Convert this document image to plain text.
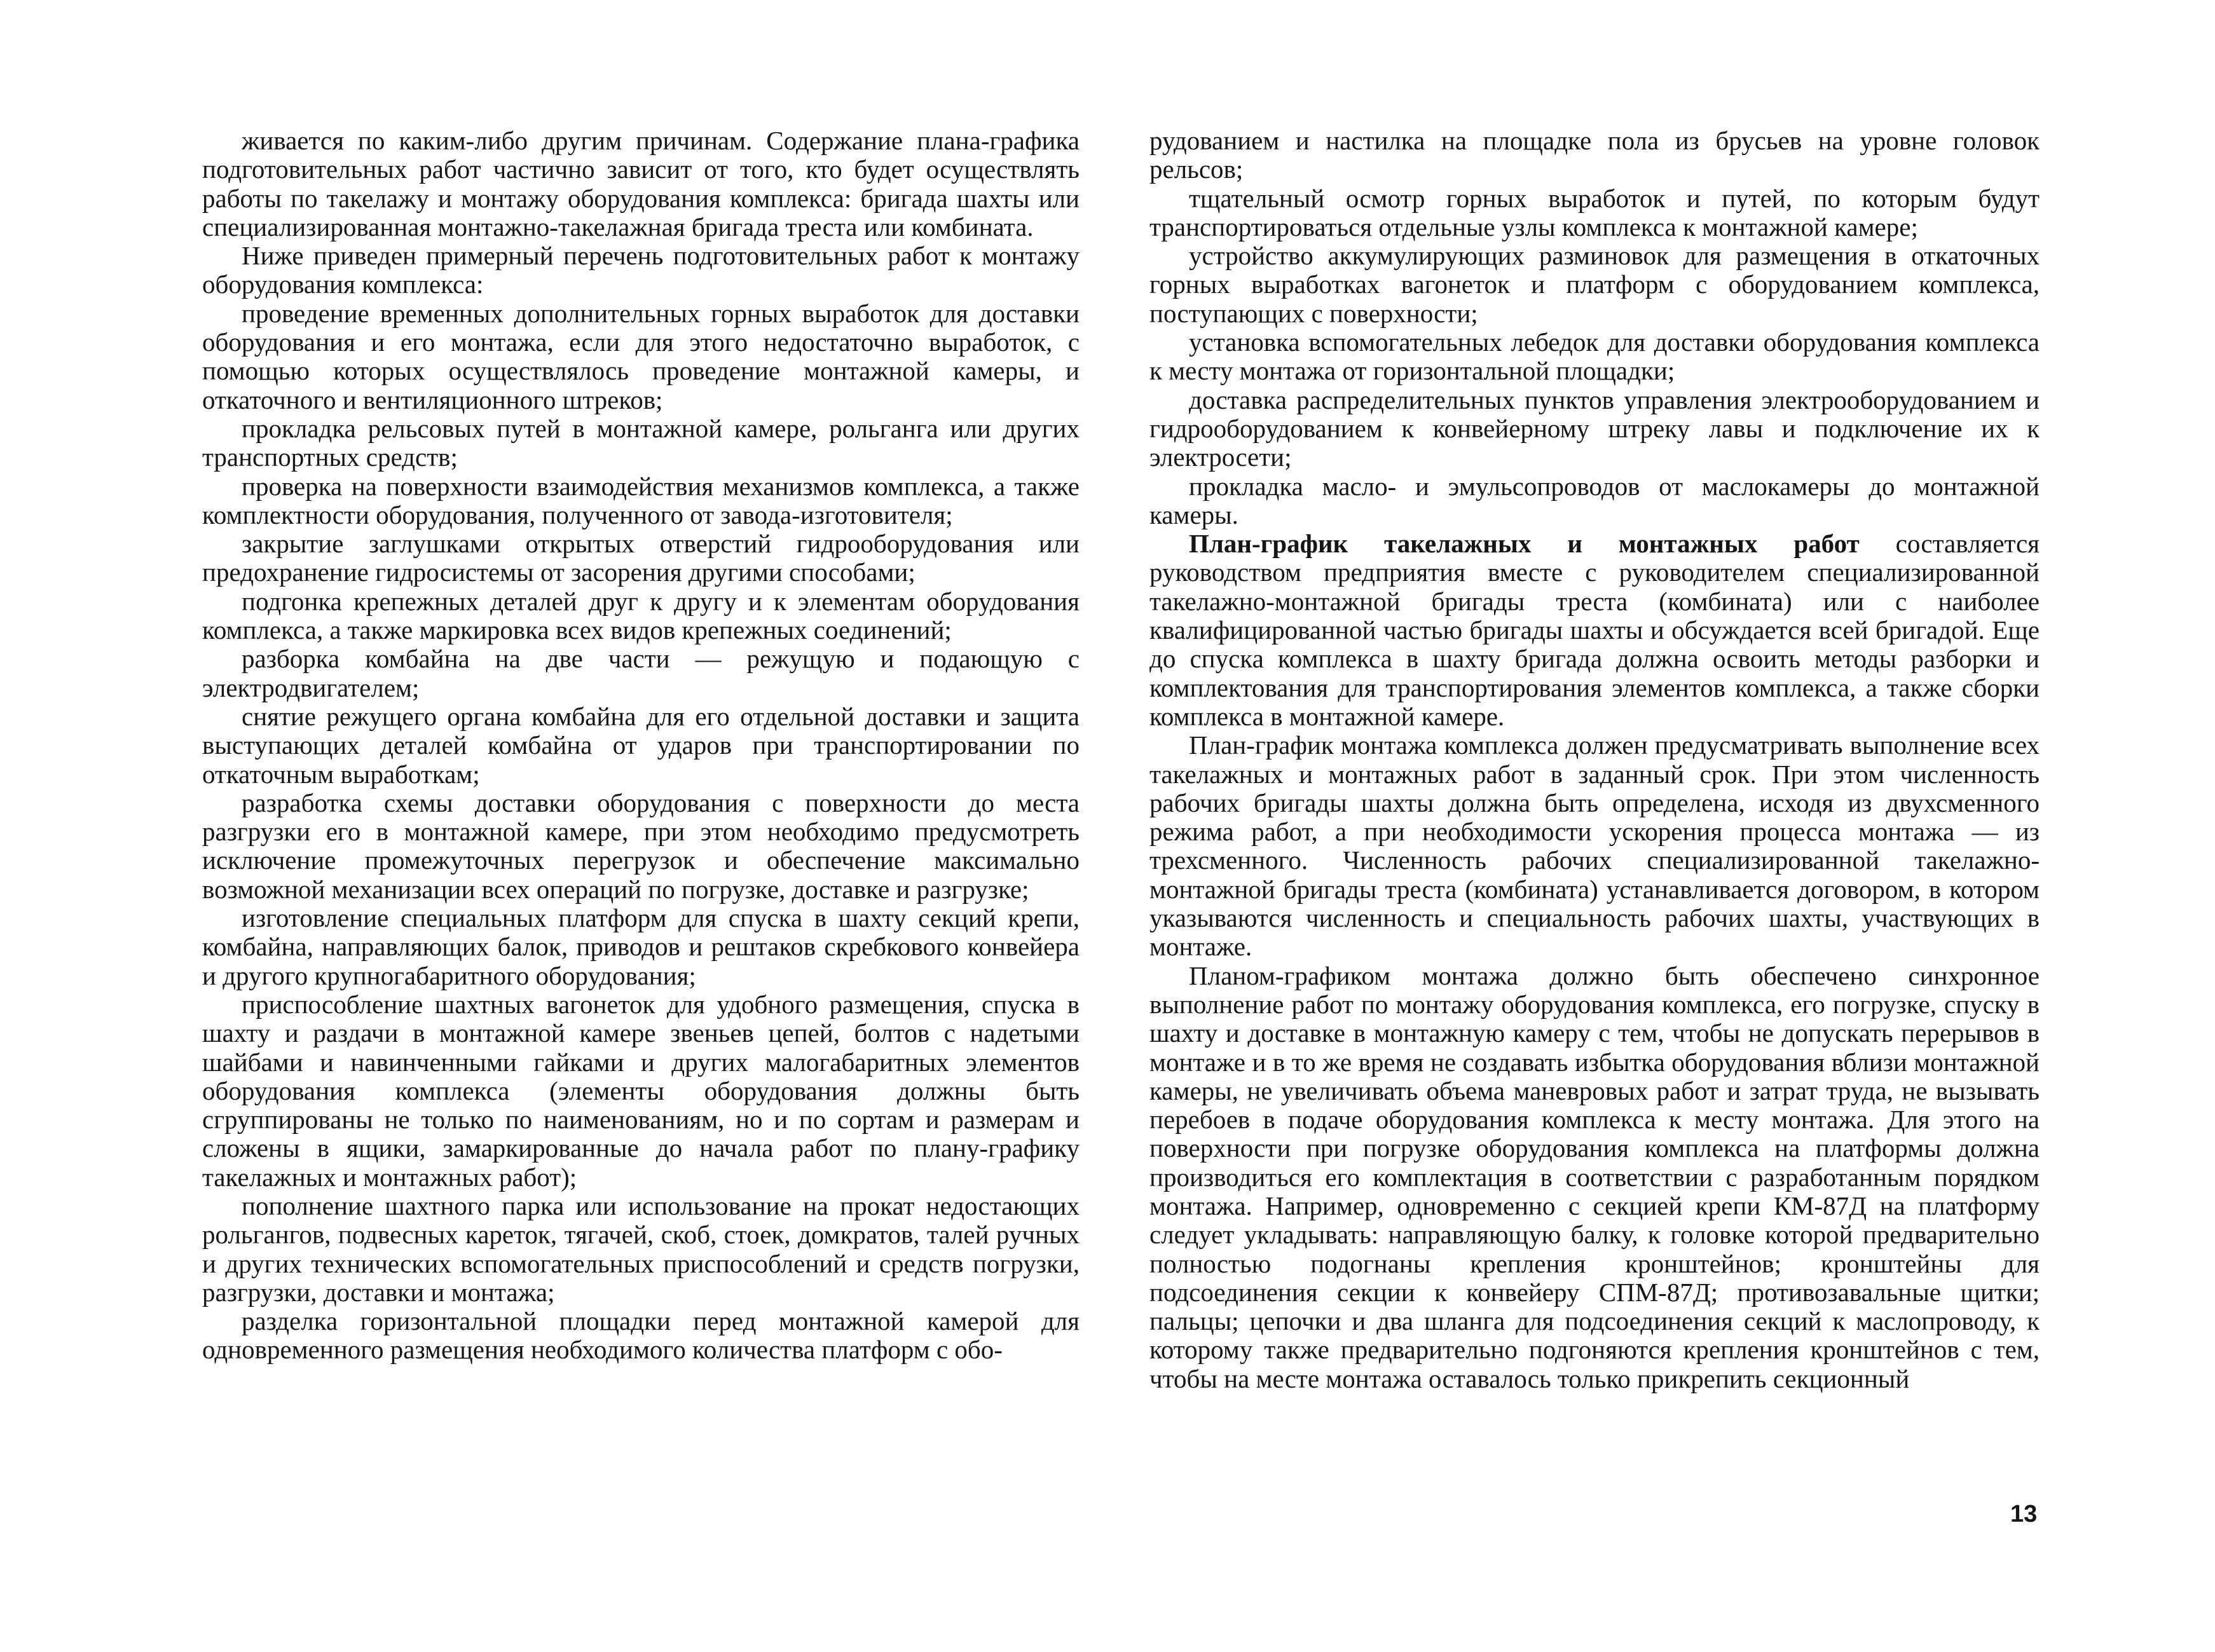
живается по каким-либо другим причинам. Содержание плана-графика подготовительных работ частично зависит от того, кто будет осуществлять работы по такелажу и монтажу оборудования комплекса: бригада шахты или специализированная монтажно-такелажная бригада треста или комбината.

Ниже приведен примерный перечень подготовительных работ к монтажу оборудования комплекса:

проведение временных дополнительных горных выработок для доставки оборудования и его монтажа, если для этого недостаточно выработок, с помощью которых осуществлялось проведение монтажной камеры, и откаточного и вентиляционного штреков;

прокладка рельсовых путей в монтажной камере, рольганга или других транспортных средств;

проверка на поверхности взаимодействия механизмов комплекса, а также комплектности оборудования, полученного от завода-изготовителя;

закрытие заглушками открытых отверстий гидрооборудования или предохранение гидросистемы от засорения другими способами;

подгонка крепежных деталей друг к другу и к элементам оборудования комплекса, а также маркировка всех видов крепежных соединений;

разборка комбайна на две части — режущую и подающую с электродвигателем;

снятие режущего органа комбайна для его отдельной доставки и защита выступающих деталей комбайна от ударов при транспортировании по откаточным выработкам;

разработка схемы доставки оборудования с поверхности до места разгрузки его в монтажной камере, при этом необходимо предусмотреть исключение промежуточных перегрузок и обеспечение максимально возможной механизации всех операций по погрузке, доставке и разгрузке;

изготовление специальных платформ для спуска в шахту секций крепи, комбайна, направляющих балок, приводов и рештаков скребкового конвейера и другого крупногабаритного оборудования;

приспособление шахтных вагонеток для удобного размещения, спуска в шахту и раздачи в монтажной камере звеньев цепей, болтов с надетыми шайбами и навинченными гайками и других малогабаритных элементов оборудования комплекса (элементы оборудования должны быть сгруппированы не только по наименованиям, но и по сортам и размерам и сложены в ящики, замаркированные до начала работ по плану-графику такелажных и монтажных работ);

пополнение шахтного парка или использование на прокат недостающих рольгангов, подвесных кареток, тягачей, скоб, стоек, домкратов, талей ручных и других технических вспомогательных приспособлений и средств погрузки, разгрузки, доставки и монтажа;

разделка горизонтальной площадки перед монтажной камерой для одновременного размещения необходимого количества платформ с обо-

рудованием и настилка на площадке пола из брусьев на уровне головок рельсов;

тщательный осмотр горных выработок и путей, по которым будут транспортироваться отдельные узлы комплекса к монтажной камере;

устройство аккумулирующих разминовок для размещения в откаточных горных выработках вагонеток и платформ с оборудованием комплекса, поступающих с поверхности;

установка вспомогательных лебедок для доставки оборудования комплекса к месту монтажа от горизонтальной площадки;

доставка распределительных пунктов управления электрооборудованием и гидрооборудованием к конвейерному штреку лавы и подключение их к электросети;

прокладка масло- и эмульсопроводов от маслокамеры до монтажной камеры.

План-график такелажных и монтажных работ составляется руководством предприятия вместе с руководителем специализированной такелажно-монтажной бригады треста (комбината) или с наиболее квалифицированной частью бригады шахты и обсуждается всей бригадой. Еще до спуска комплекса в шахту бригада должна освоить методы разборки и комплектования для транспортирования элементов комплекса, а также сборки комплекса в монтажной камере.

План-график монтажа комплекса должен предусматривать выполнение всех такелажных и монтажных работ в заданный срок. При этом численность рабочих бригады шахты должна быть определена, исходя из двухсменного режима работ, а при необходимости ускорения процесса монтажа — из трехсменного. Численность рабочих специализированной такелажно-монтажной бригады треста (комбината) устанавливается договором, в котором указываются численность и специальность рабочих шахты, участвующих в монтаже.

Планом-графиком монтажа должно быть обеспечено синхронное выполнение работ по монтажу оборудования комплекса, его погрузке, спуску в шахту и доставке в монтажную камеру с тем, чтобы не допускать перерывов в монтаже и в то же время не создавать избытка оборудования вблизи монтажной камеры, не увеличивать объема маневровых работ и затрат труда, не вызывать перебоев в подаче оборудования комплекса к месту монтажа. Для этого на поверхности при погрузке оборудования комплекса на платформы должна производиться его комплектация в соответствии с разработанным порядком монтажа. Например, одновременно с секцией крепи КМ-87Д на платформу следует укладывать: направляющую балку, к головке которой предварительно полностью подогнаны крепления кронштейнов; кронштейны для подсоединения секции к конвейеру СПМ-87Д; противозавальные щитки; пальцы; цепочки и два шланга для подсоединения секций к маслопроводу, к которому также предварительно подгоняются крепления кронштейнов с тем, чтобы на месте монтажа оставалось только прикрепить секционный

13
